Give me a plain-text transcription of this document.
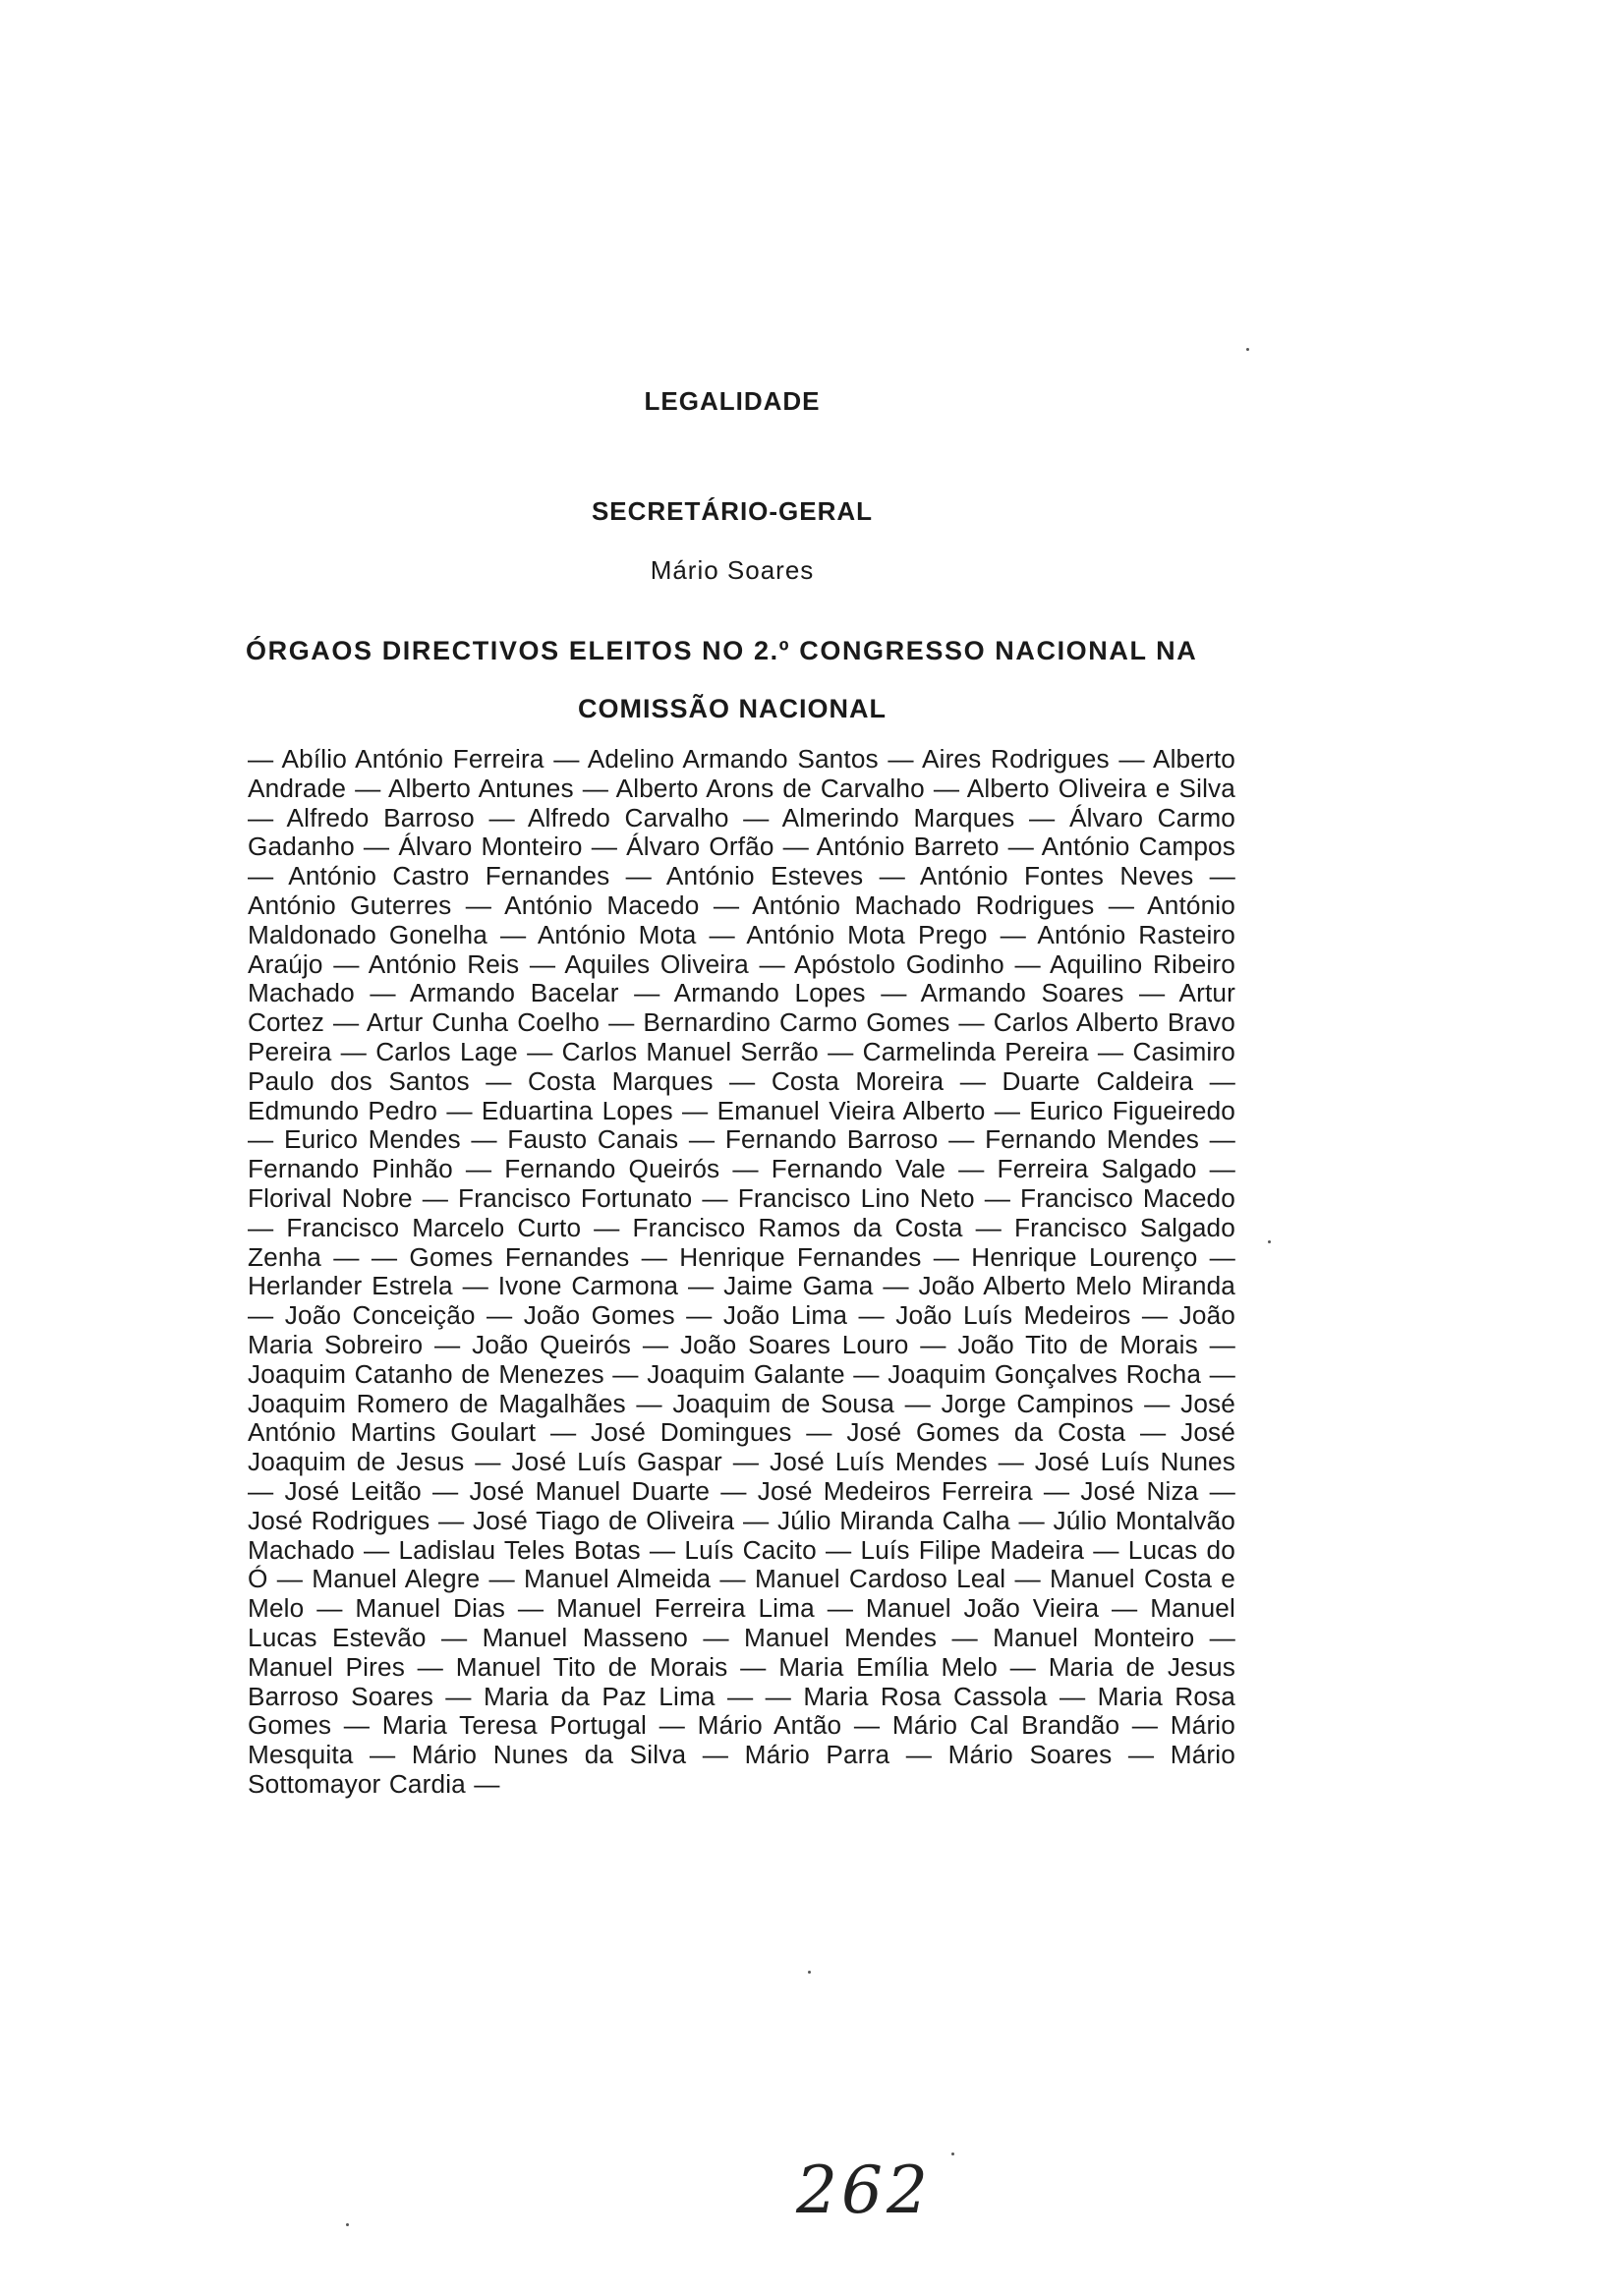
LEGALIDADE
SECRETÁRIO-GERAL
Mário Soares
ÓRGAOS DIRECTIVOS ELEITOS NO 2.º CONGRESSO NACIONAL NA
COMISSÃO NACIONAL
— Abílio António Ferreira — Adelino Armando Santos — Aires Rodrigues — Alberto Andrade — Alberto Antunes — Alberto Arons de Carvalho — Alberto Oliveira e Silva — Alfredo Barroso — Alfredo Carvalho — Almerindo Marques — Álvaro Carmo Gadanho — Álvaro Monteiro — Álvaro Orfão — António Barreto — António Campos — António Castro Fernandes — António Esteves — António Fontes Neves — António Guterres — António Macedo — António Machado Rodrigues — António Maldonado Gonelha — António Mota — António Mota Prego — António Rasteiro Araújo — António Reis — Aquiles Oliveira — Apóstolo Godinho — Aquilino Ribeiro Machado — Armando Bacelar — Armando Lopes — Armando Soares — Artur Cortez — Artur Cunha Coelho — Bernardino Carmo Gomes — Carlos Alberto Bravo Pereira — Carlos Lage — Carlos Manuel Serrão — Carmelinda Pereira — Casimiro Paulo dos Santos — Costa Marques — Costa Moreira — Duarte Caldeira — Edmundo Pedro — Eduartina Lopes — Emanuel Vieira Alberto — Eurico Figueiredo — Eurico Mendes — Fausto Canais — Fernando Barroso — Fernando Mendes — Fernando Pinhão — Fernando Queirós — Fernando Vale — Ferreira Salgado — Florival Nobre — Francisco Fortunato — Francisco Lino Neto — Francisco Macedo — Francisco Marcelo Curto — Francisco Ramos da Costa — Francisco Salgado Zenha — — Gomes Fernandes — Henrique Fernandes — Henrique Lourenço — Herlander Estrela — Ivone Carmona — Jaime Gama — João Alberto Melo Miranda — João Conceição — João Gomes — João Lima — João Luís Medeiros — João Maria Sobreiro — João Queirós — João Soares Louro — João Tito de Morais — Joaquim Catanho de Menezes — Joaquim Galante — Joaquim Gonçalves Rocha — Joaquim Romero de Magalhães — Joaquim de Sousa — Jorge Campinos — José António Martins Goulart — José Domingues — José Gomes da Costa — José Joaquim de Jesus — José Luís Gaspar — José Luís Mendes — José Luís Nunes — José Leitão — José Manuel Duarte — José Medeiros Ferreira — José Niza — José Rodrigues — José Tiago de Oliveira — Júlio Miranda Calha — Júlio Montalvão Machado — Ladislau Teles Botas — Luís Cacito — Luís Filipe Madeira — Lucas do Ó — Manuel Alegre — Manuel Almeida — Manuel Cardoso Leal — Manuel Costa e Melo — Manuel Dias — Manuel Ferreira Lima — Manuel João Vieira — Manuel Lucas Estevão — Manuel Masseno — Manuel Mendes — Manuel Monteiro — Manuel Pires — Manuel Tito de Morais — Maria Emília Melo — Maria de Jesus Barroso Soares — Maria da Paz Lima — — Maria Rosa Cassola — Maria Rosa Gomes — Maria Teresa Portugal — Mário Antão — Mário Cal Brandão — Mário Mesquita — Mário Nunes da Silva — Mário Parra — Mário Soares — Mário Sottomayor Cardia —
262
